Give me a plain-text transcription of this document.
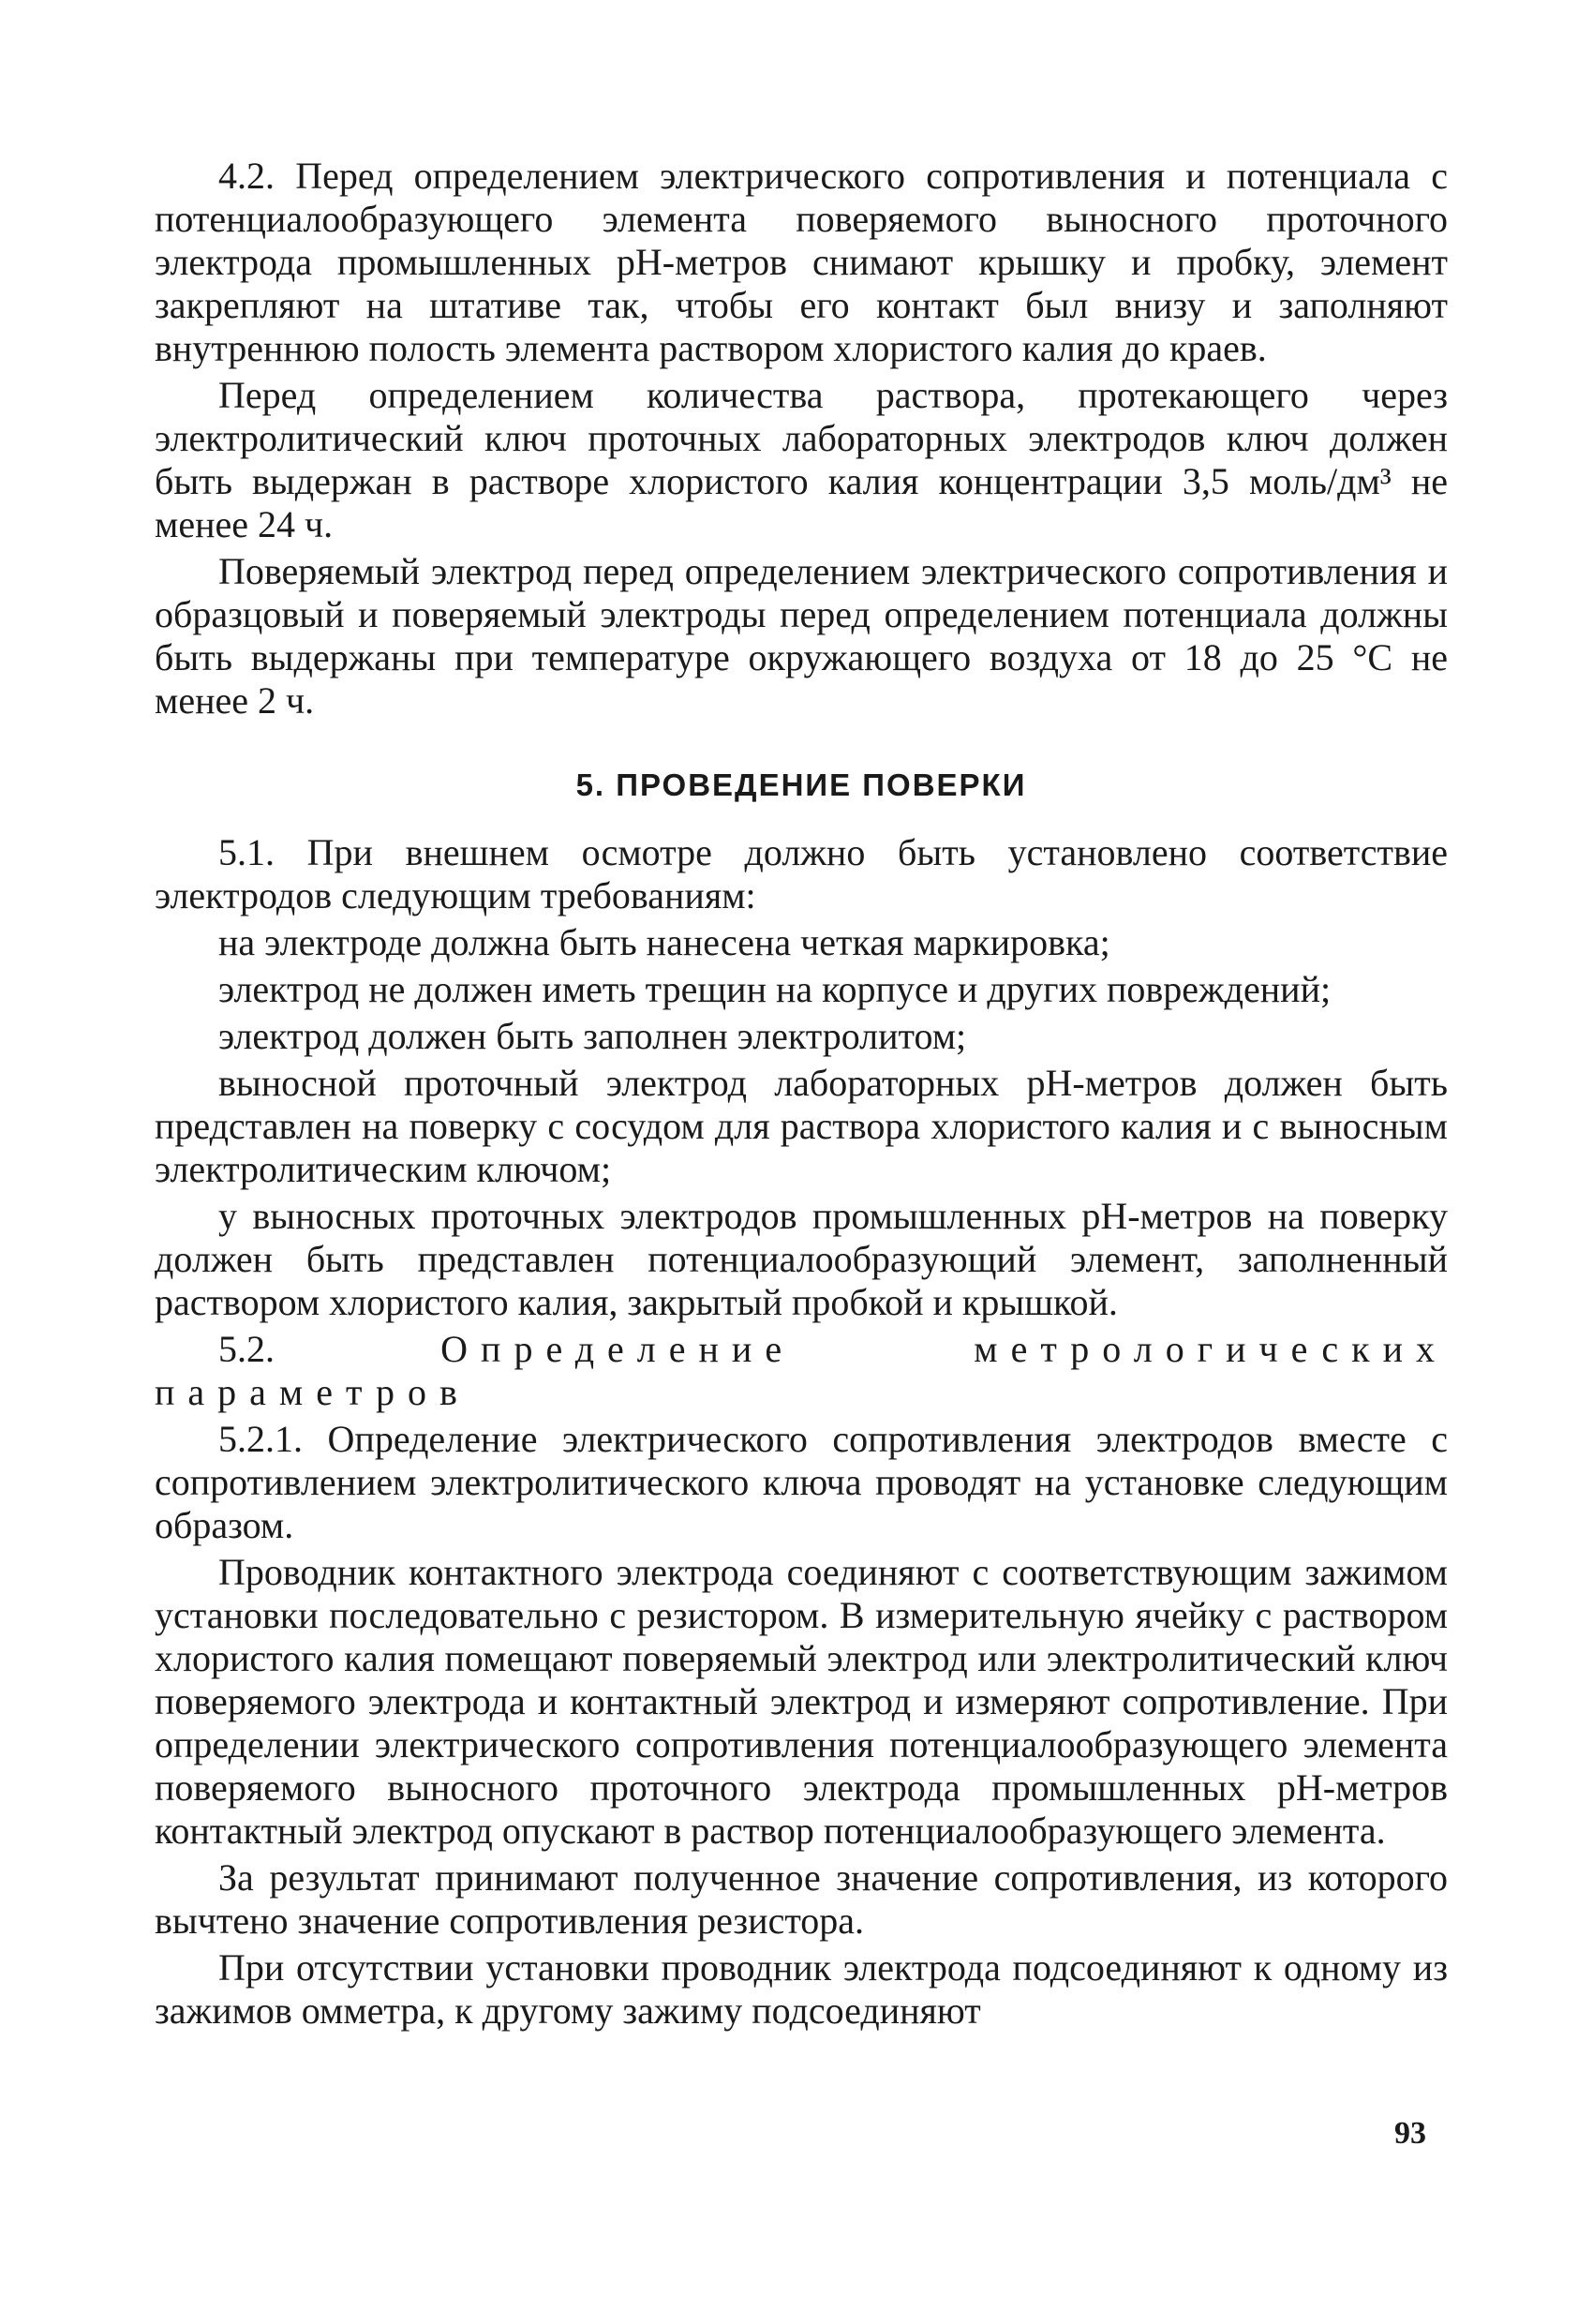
4.2. Перед определением электрического сопротивления и потенциала с потенциалообразующего элемента поверяемого выносного проточного электрода промышленных pH-метров снимают крышку и пробку, элемент закрепляют на штативе так, чтобы его контакт был внизу и заполняют внутреннюю полость элемента раствором хлористого калия до краев.

Перед определением количества раствора, протекающего через электролитический ключ проточных лабораторных электродов ключ должен быть выдержан в растворе хлористого калия концентрации 3,5 моль/дм³ не менее 24 ч.

Поверяемый электрод перед определением электрического сопротивления и образцовый и поверяемый электроды перед определением потенциала должны быть выдержаны при температуре окружающего воздуха от 18 до 25 °С не менее 2 ч.

5. ПРОВЕДЕНИЕ ПОВЕРКИ

5.1. При внешнем осмотре должно быть установлено соответствие электродов следующим требованиям:

на электроде должна быть нанесена четкая маркировка;

электрод не должен иметь трещин на корпусе и других повреждений;

электрод должен быть заполнен электролитом;

выносной проточный электрод лабораторных pH-метров должен быть представлен на поверку с сосудом для раствора хлористого калия и с выносным электролитическим ключом;

у выносных проточных электродов промышленных pH-метров на поверку должен быть представлен потенциалообразующий элемент, заполненный раствором хлористого калия, закрытый пробкой и крышкой.

5.2.	Определение метрологических параметров

5.2.1. Определение электрического сопротивления электродов вместе с сопротивлением электролитического ключа проводят на установке следующим образом.

Проводник контактного электрода соединяют с соответствующим зажимом установки последовательно с резистором. В измерительную ячейку с раствором хлористого калия помещают поверяемый электрод или электролитический ключ поверяемого электрода и контактный электрод и измеряют сопротивление. При определении электрического сопротивления потенциалообразующего элемента поверяемого выносного проточного электрода промышленных pH-метров контактный электрод опускают в раствор потенциалообразующего элемента.

За результат принимают полученное значение сопротивления, из которого вычтено значение сопротивления резистора.

При отсутствии установки проводник электрода подсоединяют к одному из зажимов омметра, к другому зажиму подсоединяют

93
